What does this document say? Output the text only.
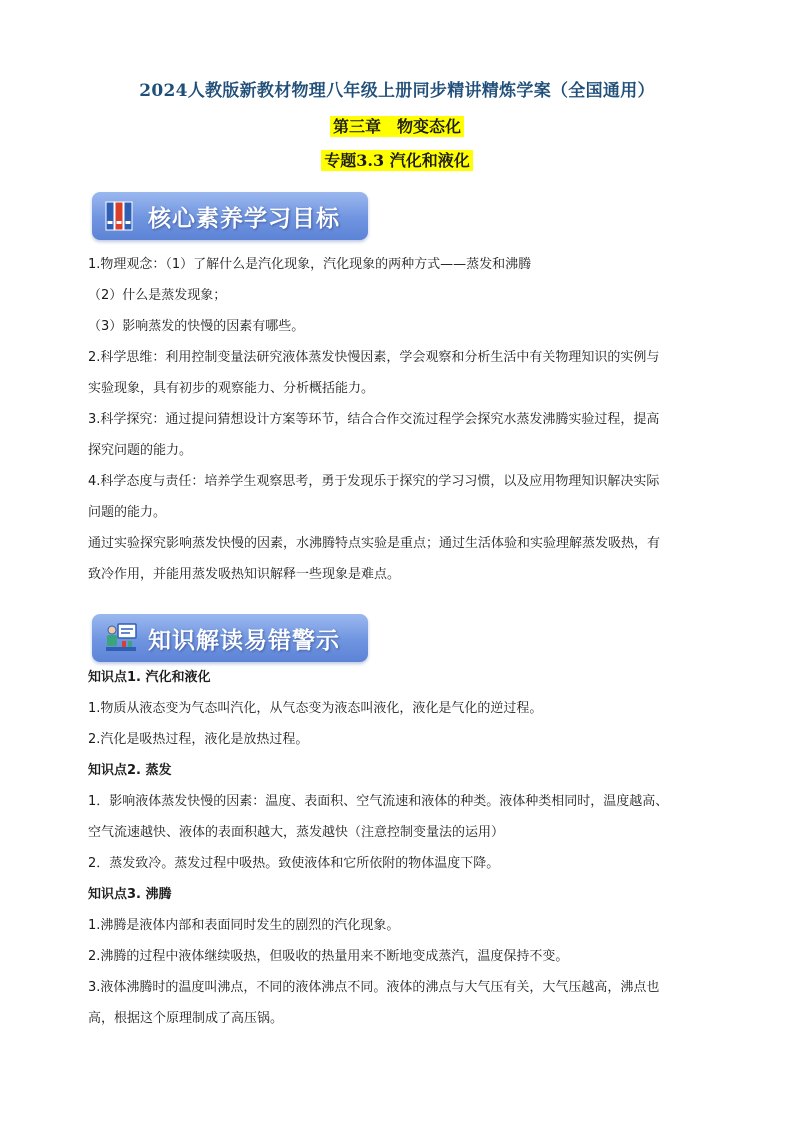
2024人教版新教材物理八年级上册同步精讲精炼学案（全国通用）
第三章　物变态化
专题3.3 汽化和液化
核心素养学习目标

1.物理观念：（1）了解什么是汽化现象，汽化现象的两种方式——蒸发和沸腾

（2）什么是蒸发现象；

（3）影响蒸发的快慢的因素有哪些。

2.科学思维：利用控制变量法研究液体蒸发快慢因素，学会观察和分析生活中有关物理知识的实例与

实验现象，具有初步的观察能力、分析概括能力。

3.科学探究：通过提问猜想设计方案等环节，结合合作交流过程学会探究水蒸发沸腾实验过程，提高

探究问题的能力。

4.科学态度与责任：培养学生观察思考，勇于发现乐于探究的学习习惯，以及应用物理知识解决实际

问题的能力。

通过实验探究影响蒸发快慢的因素，水沸腾特点实验是重点；通过生活体验和实验理解蒸发吸热，有

致冷作用，并能用蒸发吸热知识解释一些现象是难点。

知识解读易错警示

知识点1. 汽化和液化

1.物质从液态变为气态叫汽化，从气态变为液态叫液化，液化是气化的逆过程。

2.汽化是吸热过程，液化是放热过程。

知识点2. 蒸发

1．影响液体蒸发快慢的因素：温度、表面积、空气流速和液体的种类。液体种类相同时，温度越高、

空气流速越快、液体的表面积越大，蒸发越快（注意控制变量法的运用）

2．蒸发致冷。蒸发过程中吸热。致使液体和它所依附的物体温度下降。

知识点3. 沸腾

1.沸腾是液体内部和表面同时发生的剧烈的汽化现象。

2.沸腾的过程中液体继续吸热，但吸收的热量用来不断地变成蒸汽，温度保持不变。

3.液体沸腾时的温度叫沸点，不同的液体沸点不同。液体的沸点与大气压有关，大气压越高，沸点也

高，根据这个原理制成了高压锅。
